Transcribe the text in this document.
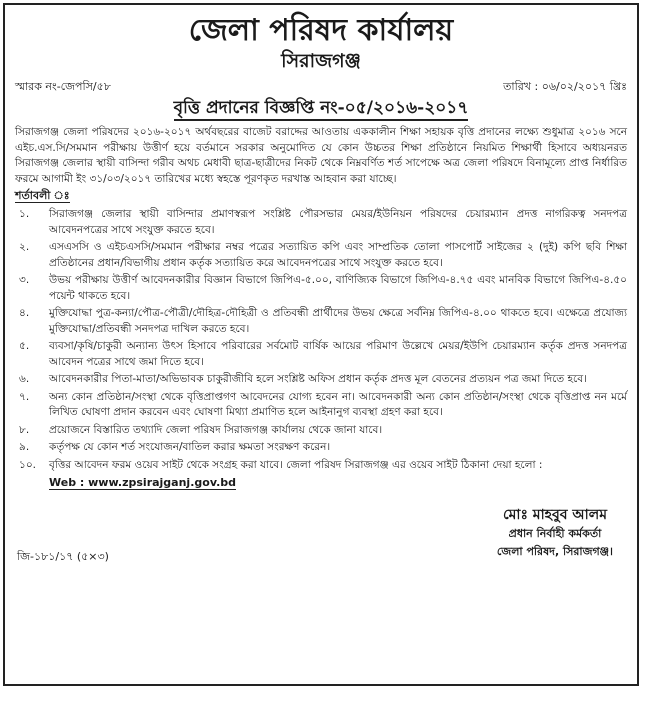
জেলা পরিষদ কার্যালয়
সিরাজগঞ্জ
স্মারক নং-জেপসি/৫৮	তারিখ : ০৬/০২/২০১৭ খ্রিঃ
বৃত্তি প্রদানের বিজ্ঞপ্তি নং-০৫/২০১৬-২০১৭
সিরাজগঞ্জ জেলা পরিষদের ২০১৬-২০১৭ অর্থবছরের বাজেট বরাদ্দের আওতায় এককালীন শিক্ষা সহায়ক বৃত্তি প্রদানের লক্ষ্যে শুধুমাত্র ২০১৬ সনে এইচ.এস.সি/সমমান পরীক্ষায় উত্তীর্ণ হয়ে বর্তমানে সরকার অনুমোদিত যে কোন উচ্চতর শিক্ষা প্রতিষ্ঠানে নিয়মিত শিক্ষার্থী হিসাবে অধ্যয়নরত সিরাজগঞ্জ জেলার স্থায়ী বাসিন্দা গরীব অথচ মেধাবী ছাত্র-ছাত্রীদের নিকট থেকে নিম্নবর্ণিত শর্ত সাপেক্ষে অত্র জেলা পরিষদে বিনামূল্যে প্রাপ্ত নির্ধারিত ফরমে আগামী ইং ৩১/০৩/২০১৭ তারিখের মধ্যে স্বহস্তে পূরণকৃত দরখাস্ত আহবান করা যাচ্ছে।
শর্তাবলী ঃ
১.	সিরাজগঞ্জ জেলার স্থায়ী বাসিন্দার প্রমাণস্বরূপ সংশ্লিষ্ট পৌরসভার মেয়র/ইউনিয়ন পরিষদের চেয়ারম্যান প্রদত্ত নাগরিকত্ব সনদপত্র আবেদনপত্রের সাথে সংযুক্ত করতে হবে।
২.	এসএসসি ও এইচএসসি/সমমান পরীক্ষার নম্বর পত্রের সত্যায়িত কপি এবং সাম্প্রতিক তোলা পাসপোর্ট সাইজের ২ (দুই) কপি ছবি শিক্ষা প্রতিষ্ঠানের প্রধান/বিভাগীয় প্রধান কর্তৃক সত্যায়িত করে আবেদনপত্রের সাথে সংযুক্ত করতে হবে।
৩.	উভয় পরীক্ষায় উত্তীর্ণ আবেদনকারীর বিজ্ঞান বিভাগে জিপিএ-৫.০০, বাণিজ্যিক বিভাগে জিপিএ-৪.৭৫ এবং মানবিক বিভাগে জিপিএ-৪.৫০ পয়েন্ট থাকতে হবে।
৪.	মুক্তিযোদ্ধা পুত্র-কন্যা/পৌত্র-পৌত্রী/দৌহিত্র-দৌহিত্রী ও প্রতিবন্ধী প্রার্থীদের উভয় ক্ষেত্রে সর্বনিম্ন জিপিএ-৪.০০ থাকতে হবে। এক্ষেত্রে প্রযোজ্য মুক্তিযোদ্ধা/প্রতিবন্ধী সনদপত্র দাখিল করতে হবে।
৫.	ব্যবসা/কৃষি/চাকুরী অন্যান্য উৎস হিসাবে পরিবারের সর্বমোট বার্ষিক আয়ের পরিমাণ উল্লেখে মেয়র/ইউপি চেয়ারম্যান কর্তৃক প্রদত্ত সনদপত্র আবেদন পত্রের সাথে জমা দিতে হবে।
৬.	আবেদনকারীর পিতা-মাতা/অভিভাবক চাকুরীজীবি হলে সংশ্লিষ্ট অফিস প্রধান কর্তৃক প্রদত্ত মূল বেতনের প্রত্যয়ন পত্র জমা দিতে হবে।
৭.	অন্য কোন প্রতিষ্ঠান/সংস্থা থেকে বৃত্তিপ্রাপ্তগণ আবেদনের যোগ্য হবেন না। আবেদনকারী অন্য কোন প্রতিষ্ঠান/সংস্থা থেকে বৃত্তিপ্রাপ্ত নন মর্মে লিখিত ঘোষণা প্রদান করবেন এবং ঘোষণা মিথ্যা প্রমাণিত হলে আইনানুগ ব্যবস্থা গ্রহণ করা হবে।
৮.	প্রয়োজনে বিস্তারিত তথ্যাদি জেলা পরিষদ সিরাজগঞ্জ কার্যালয় থেকে জানা যাবে।
৯.	কর্তৃপক্ষ যে কোন শর্ত সংযোজন/বাতিল করার ক্ষমতা সংরক্ষণ করেন।
১০.	বৃত্তির আবেদন ফরম ওয়েব সাইট থেকে সংগ্রহ করা যাবে। জেলা পরিষদ সিরাজগঞ্জ এর ওয়েব সাইট ঠিকানা দেয়া হলো :
Web : www.zpsirajganj.gov.bd
মোঃ মাহবুব আলম
প্রধান নির্বাহী কর্মকর্তা
জেলা পরিষদ, সিরাজগঞ্জ।
জি-১৮১/১৭ (৫×৩)
